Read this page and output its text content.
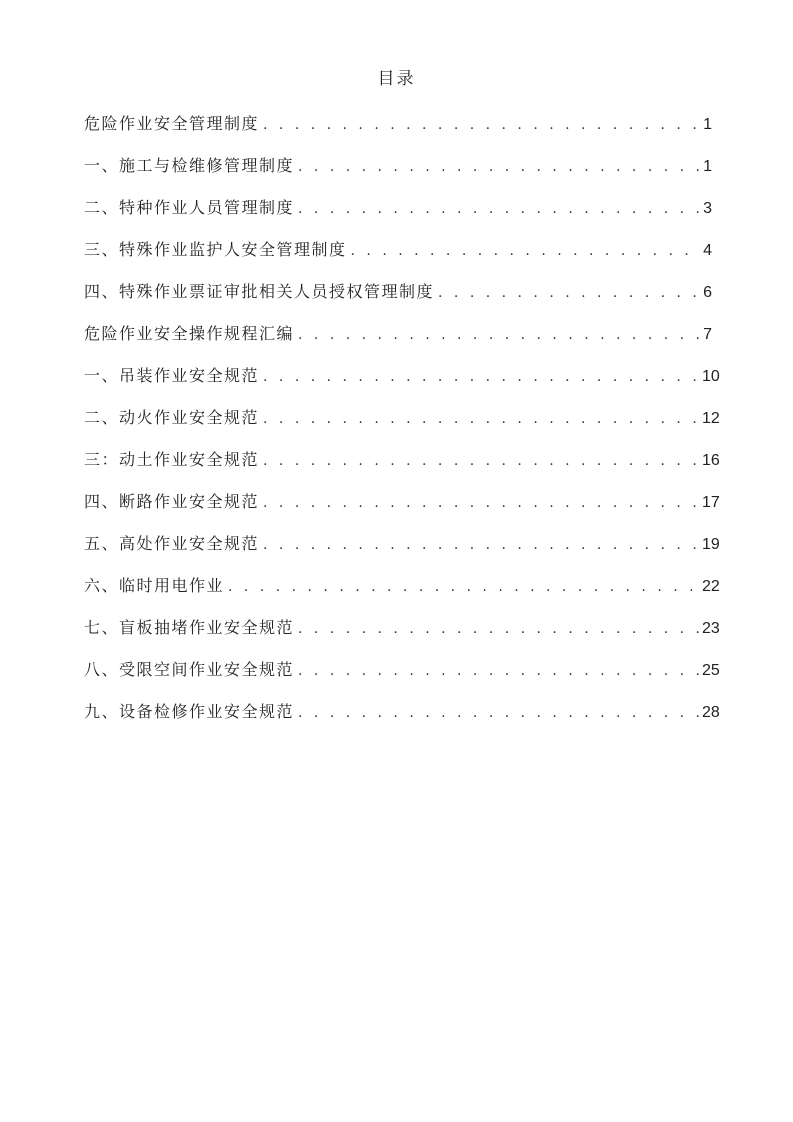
目录
危险作业安全管理制度 . . .	1
一、施工与检维修管理制度 . . .	1
二、特种作业人员管理制度 . . .	3
三、特殊作业监护人安全管理制度 . . .	4
四、特殊作业票证审批相关人员授权管理制度 . . .	6
危险作业安全操作规程汇编 . . .	7
一、吊装作业安全规范 . . .	10
二、动火作业安全规范 . . .	12
三：动土作业安全规范 . . .	16
四、断路作业安全规范 . . .	17
五、高处作业安全规范 . . .	19
六、临时用电作业 . . .	22
七、盲板抽堵作业安全规范 . . .	23
八、受限空间作业安全规范 . . .	25
九、设备检修作业安全规范 . . .	28
